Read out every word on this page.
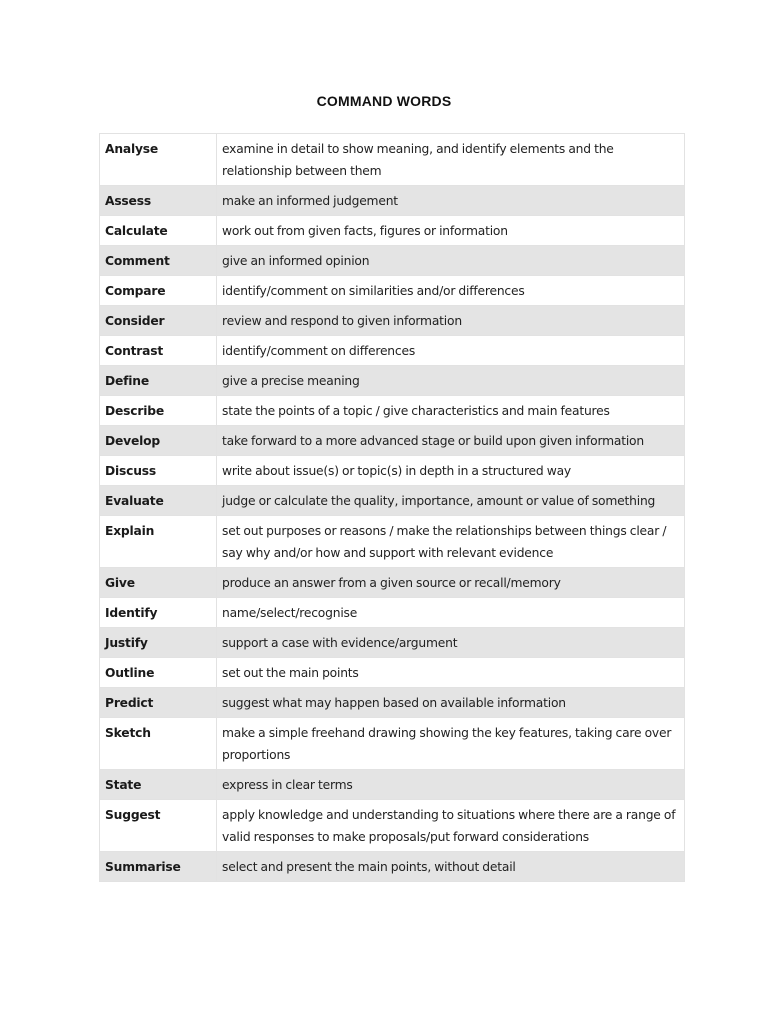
COMMAND WORDS
Analyse	examine in detail to show meaning, and identify elements and the relationship between them
Assess	make an informed judgement
Calculate	work out from given facts, figures or information
Comment	give an informed opinion
Compare	identify/comment on similarities and/or differences
Consider	review and respond to given information
Contrast	identify/comment on differences
Define	give a precise meaning
Describe	state the points of a topic / give characteristics and main features
Develop	take forward to a more advanced stage or build upon given information
Discuss	write about issue(s) or topic(s) in depth in a structured way
Evaluate	judge or calculate the quality, importance, amount or value of something
Explain	set out purposes or reasons / make the relationships between things clear / say why and/or how and support with relevant evidence
Give	produce an answer from a given source or recall/memory
Identify	name/select/recognise
Justify	support a case with evidence/argument
Outline	set out the main points
Predict	suggest what may happen based on available information
Sketch	make a simple freehand drawing showing the key features, taking care over proportions
State	express in clear terms
Suggest	apply knowledge and understanding to situations where there are a range of valid responses to make proposals/put forward considerations
Summarise	select and present the main points, without detail
